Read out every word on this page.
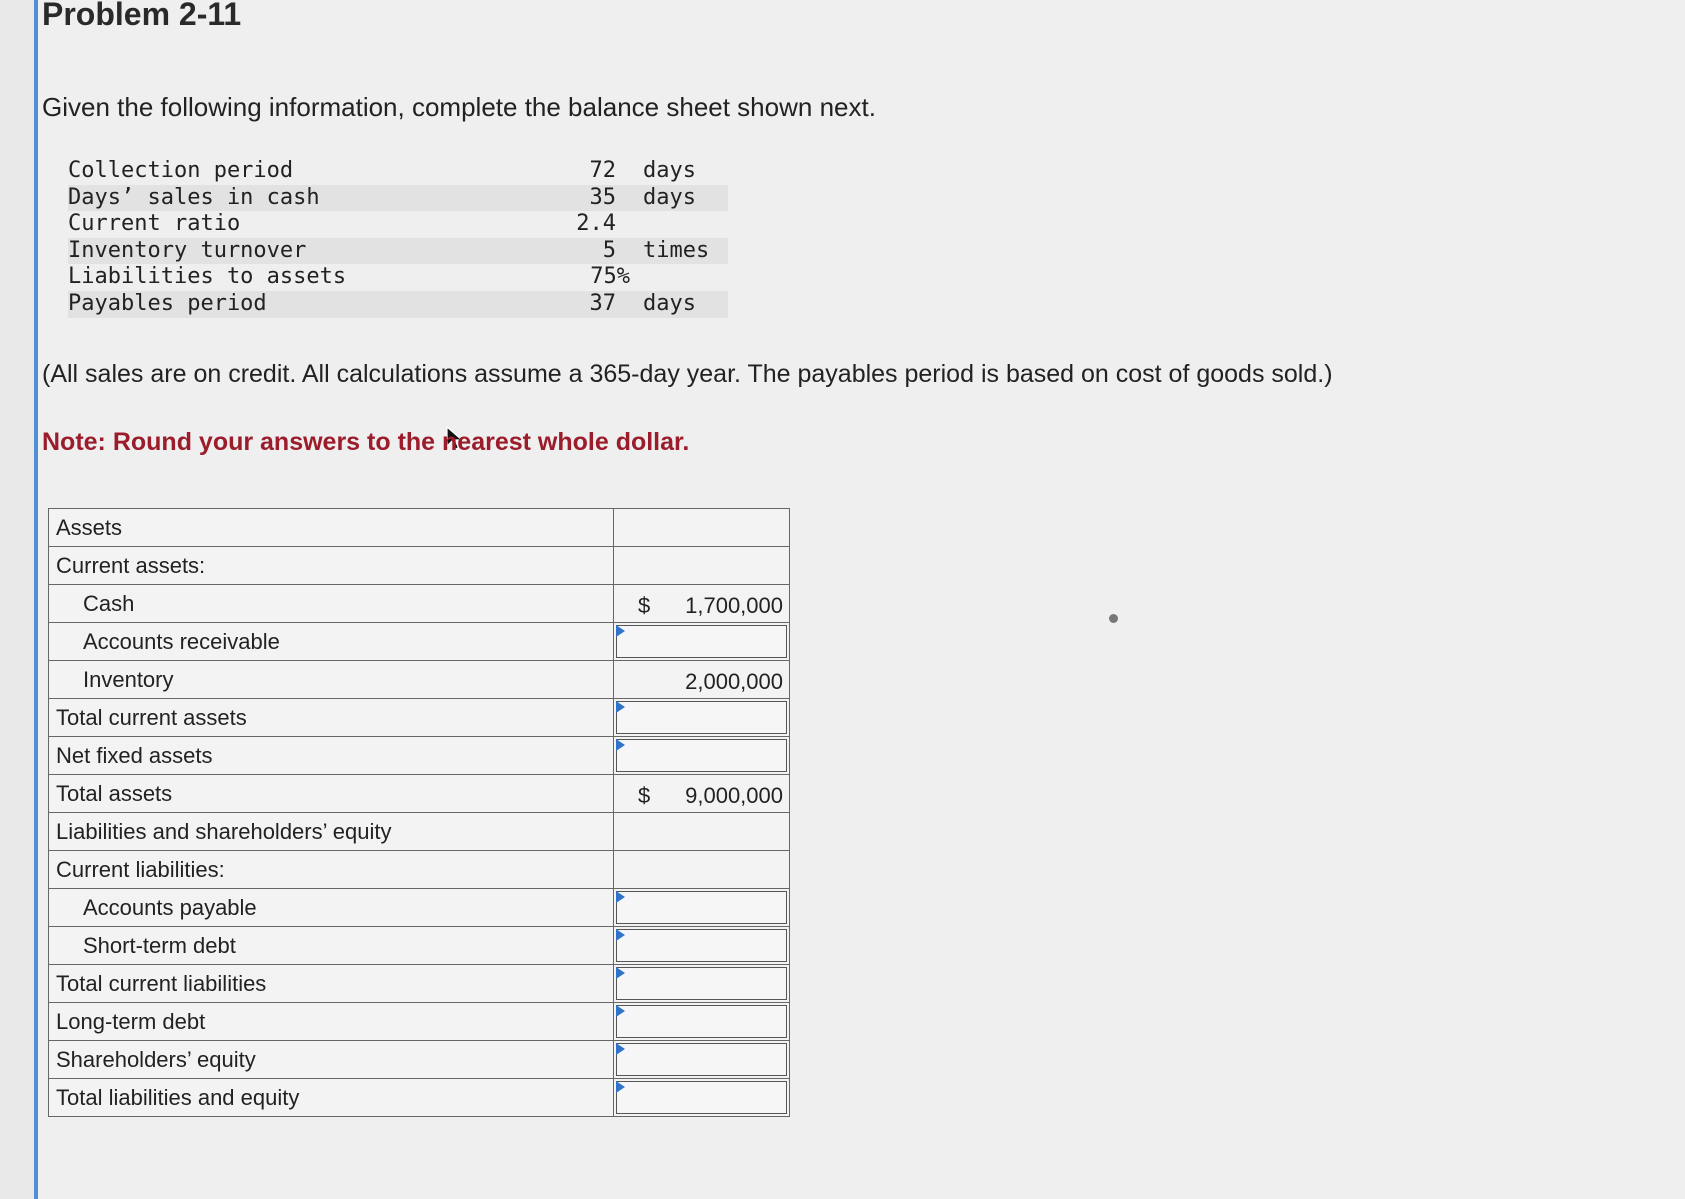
Problem 2-11

Given the following information, complete the balance sheet shown next.

Collection period	72 days
Days’ sales in cash	35 days
Current ratio	2.4
Inventory turnover	5 times
Liabilities to assets	75%
Payables period	37 days

(All sales are on credit. All calculations assume a 365-day year. The payables period is based on cost of goods sold.)

Note: Round your answers to the nearest whole dollar.

Assets	
Current assets:	
Cash	$ 1,700,000

Accounts receivable	

Inventory	2,000,000

Total current assets	

Net fixed assets	

Total assets	$ 9,000,000

Liabilities and shareholders’ equity	
Current liabilities:	
Accounts payable	

Short-term debt	

Total current liabilities	

Long-term debt	

Shareholders’ equity	

Total liabilities and equity	
